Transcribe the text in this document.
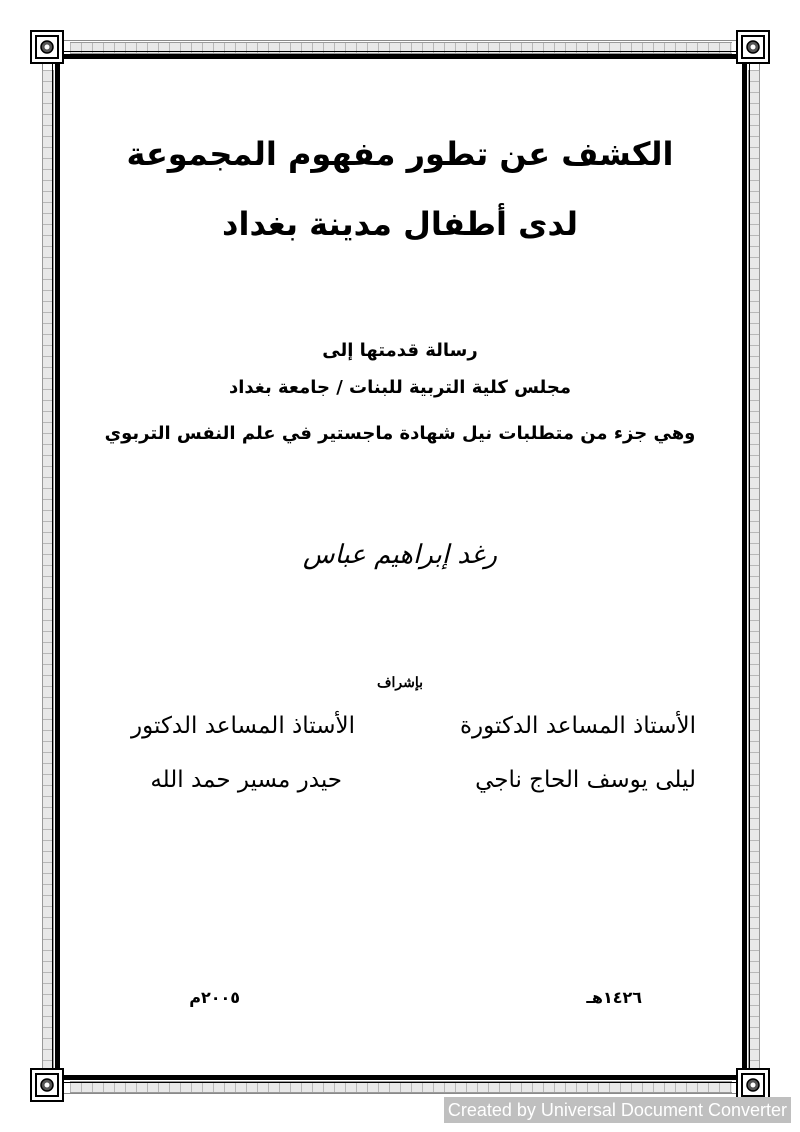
الكشف عن تطور مفهوم المجموعة
لدى أطفال مدينة بغداد
رسالة قدمتها إلى
مجلس كلية التربية للبنات / جامعة بغداد
وهي جزء من متطلبات نيل شهادة ماجستير في علم النفس التربوي
رغد إبراهيم عباس
بإشراف
الأستاذ المساعد الدكتورة
ليلى يوسف الحاج ناجي
الأستاذ المساعد الدكتور
حيدر مسير حمد الله
١٤٢٦هـ
٢٠٠٥م
Created by Universal Document Converter
